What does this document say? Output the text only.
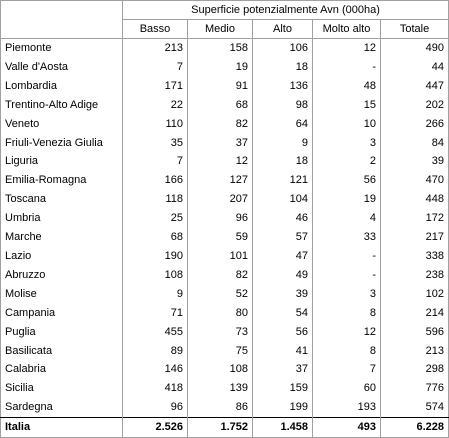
	Superficie potenzialmente Avn (000ha)				
	Basso	Medio	Alto	Molto alto	Totale
Piemonte	213	158	106	12	490
Valle d'Aosta	7	19	18	-	44
Lombardia	171	91	136	48	447
Trentino-Alto Adige	22	68	98	15	202
Veneto	110	82	64	10	266
Friuli-Venezia Giulia	35	37	9	3	84
Liguria	7	12	18	2	39
Emilia-Romagna	166	127	121	56	470
Toscana	118	207	104	19	448
Umbria	25	96	46	4	172
Marche	68	59	57	33	217
Lazio	190	101	47	-	338
Abruzzo	108	82	49	-	238
Molise	9	52	39	3	102
Campania	71	80	54	8	214
Puglia	455	73	56	12	596
Basilicata	89	75	41	8	213
Calabria	146	108	37	7	298
Sicilia	418	139	159	60	776
Sardegna	96	86	199	193	574
Italia	2.526	1.752	1.458	493	6.228
